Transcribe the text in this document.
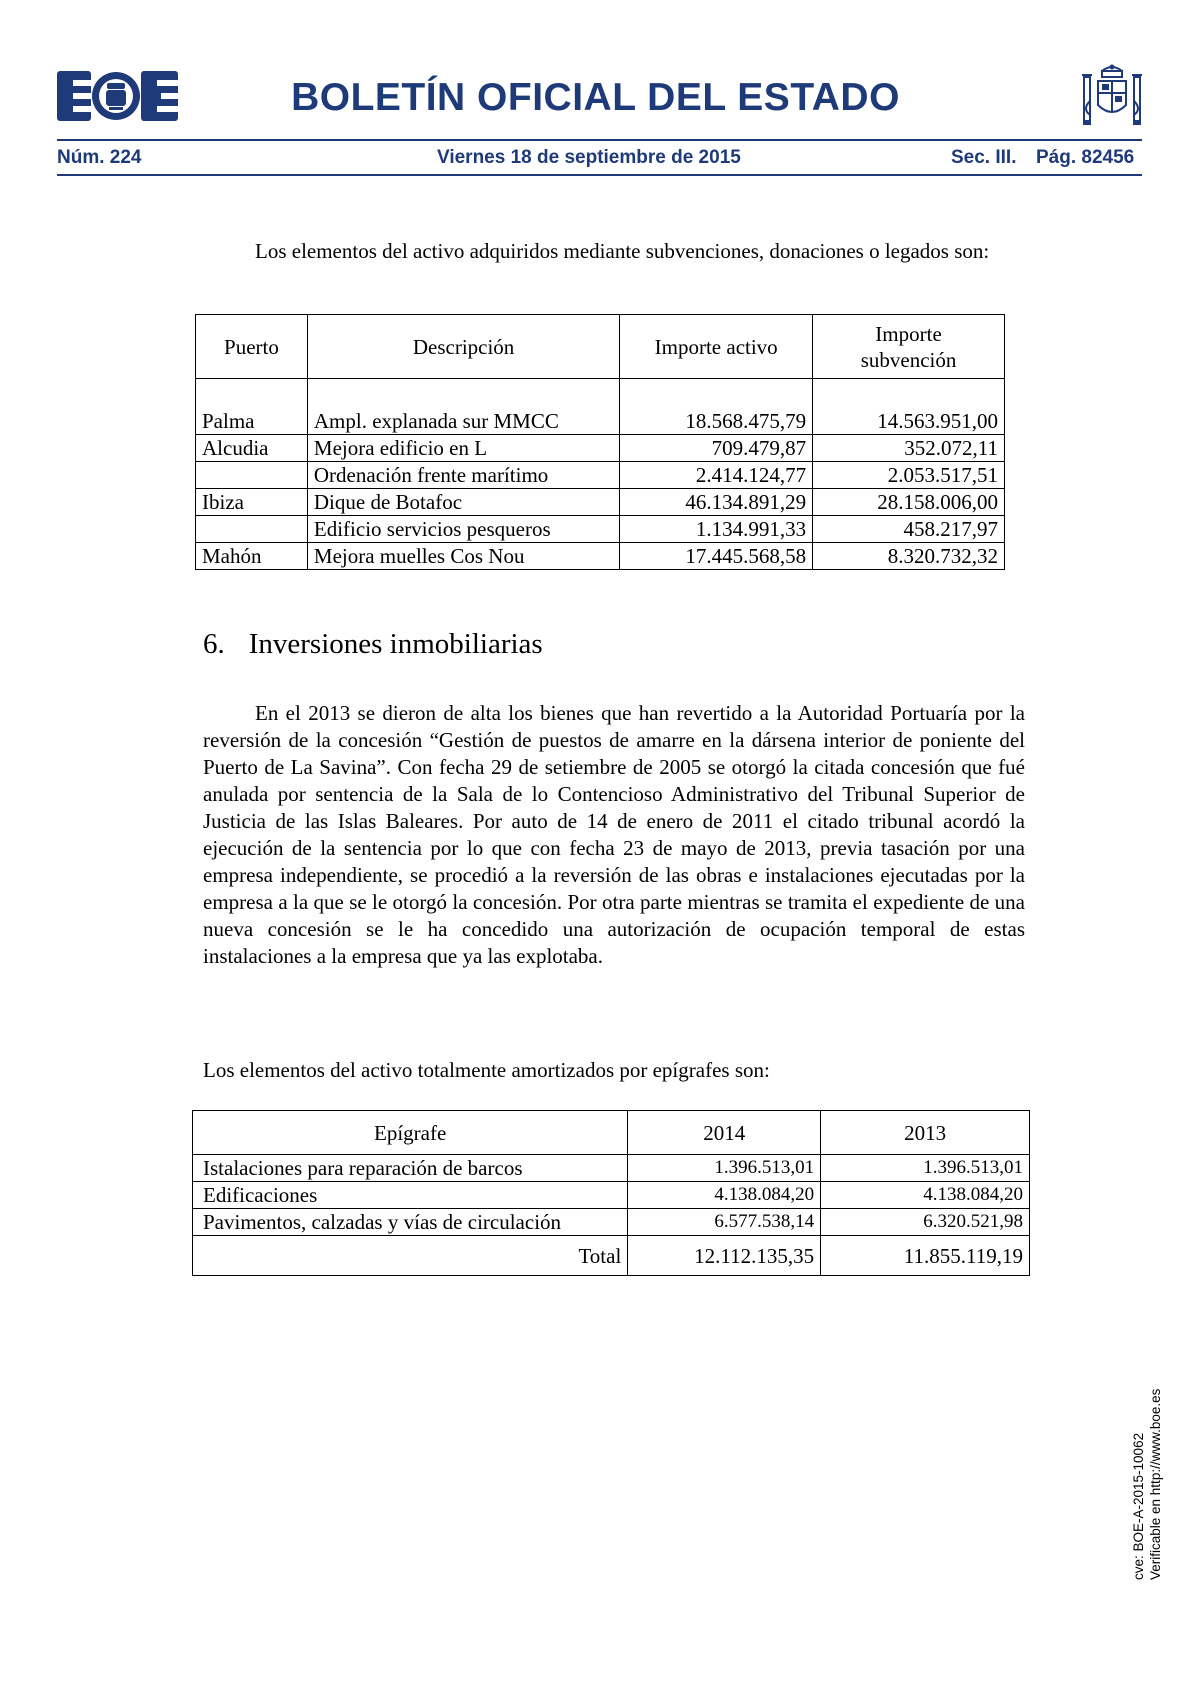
BOLETÍN OFICIAL DEL ESTADO
Núm. 224	Viernes 18 de septiembre de 2015	Sec. III. Pág. 82456
Los elementos del activo adquiridos mediante subvenciones, donaciones o legados son:
Puerto	Descripción	Importe activo	Importe subvención
Palma	Ampl. explanada sur MMCC	18.568.475,79	14.563.951,00
Alcudia	Mejora edificio en L	709.479,87	352.072,11
	Ordenación frente marítimo	2.414.124,77	2.053.517,51
Ibiza	Dique de Botafoc	46.134.891,29	28.158.006,00
	Edificio servicios pesqueros	1.134.991,33	458.217,97
Mahón	Mejora muelles Cos Nou	17.445.568,58	8.320.732,32
6. Inversiones inmobiliarias
En el 2013 se dieron de alta los bienes que han revertido a la Autoridad Portuaría por la reversión de la concesión “Gestión de puestos de amarre en la dársena interior de poniente del Puerto de La Savina”. Con fecha 29 de setiembre de 2005 se otorgó la citada concesión que fué anulada por sentencia de la Sala de lo Contencioso Administrativo del Tribunal Superior de Justicia de las Islas Baleares. Por auto de 14 de enero de 2011 el citado tribunal acordó la ejecución de la sentencia por lo que con fecha 23 de mayo de 2013, previa tasación por una empresa independiente, se procedió a la reversión de las obras e instalaciones ejecutadas por la empresa a la que se le otorgó la concesión. Por otra parte mientras se tramita el expediente de una nueva concesión se le ha concedido una autorización de ocupación temporal de estas instalaciones a la empresa que ya las explotaba.
Los elementos del activo totalmente amortizados por epígrafes son:
Epígrafe	2014	2013
Istalaciones para reparación de barcos	1.396.513,01	1.396.513,01
Edificaciones	4.138.084,20	4.138.084,20
Pavimentos, calzadas y vías de circulación	6.577.538,14	6.320.521,98
Total	12.112.135,35	11.855.119,19
cve: BOE-A-2015-10062 Verificable en http://www.boe.es
